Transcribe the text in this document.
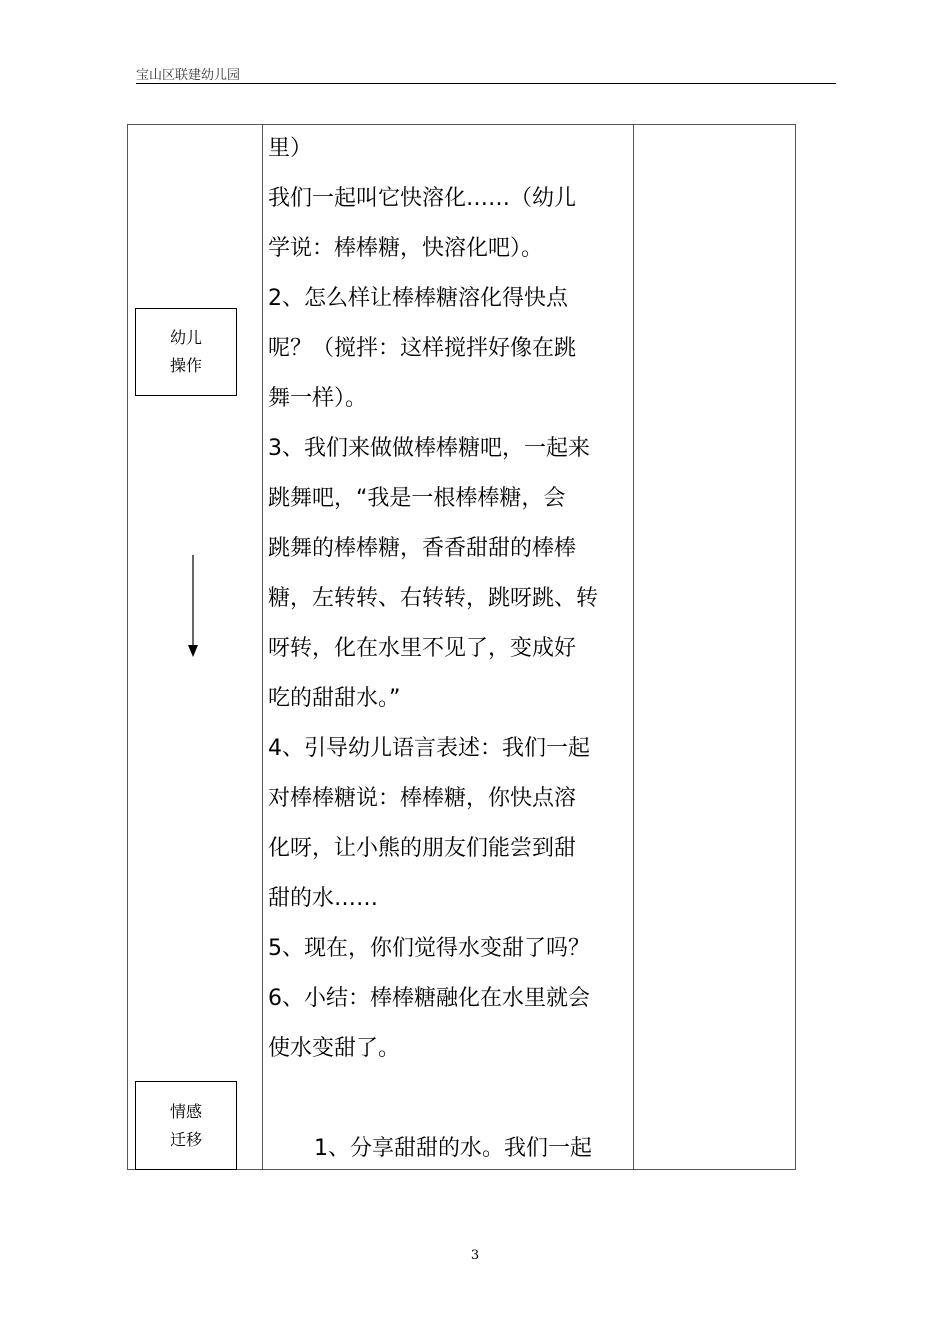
宝山区联建幼儿园
幼儿
操作
情感
迁移

里）

我们一起叫它快溶化……（幼儿

学说：棒棒糖，快溶化吧）。

2、怎么样让棒棒糖溶化得快点

呢？（搅拌：这样搅拌好像在跳

舞一样）。

3、我们来做做棒棒糖吧，一起来

跳舞吧，“我是一根棒棒糖，会

跳舞的棒棒糖，香香甜甜的棒棒

糖，左转转、右转转，跳呀跳、转

呀转，化在水里不见了，变成好

吃的甜甜水。”

4、引导幼儿语言表述：我们一起

对棒棒糖说：棒棒糖，你快点溶

化呀，让小熊的朋友们能尝到甜

甜的水……

5、现在，你们觉得水变甜了吗？

6、小结：棒棒糖融化在水里就会

使水变甜了。

1、分享甜甜的水。我们一起

3
